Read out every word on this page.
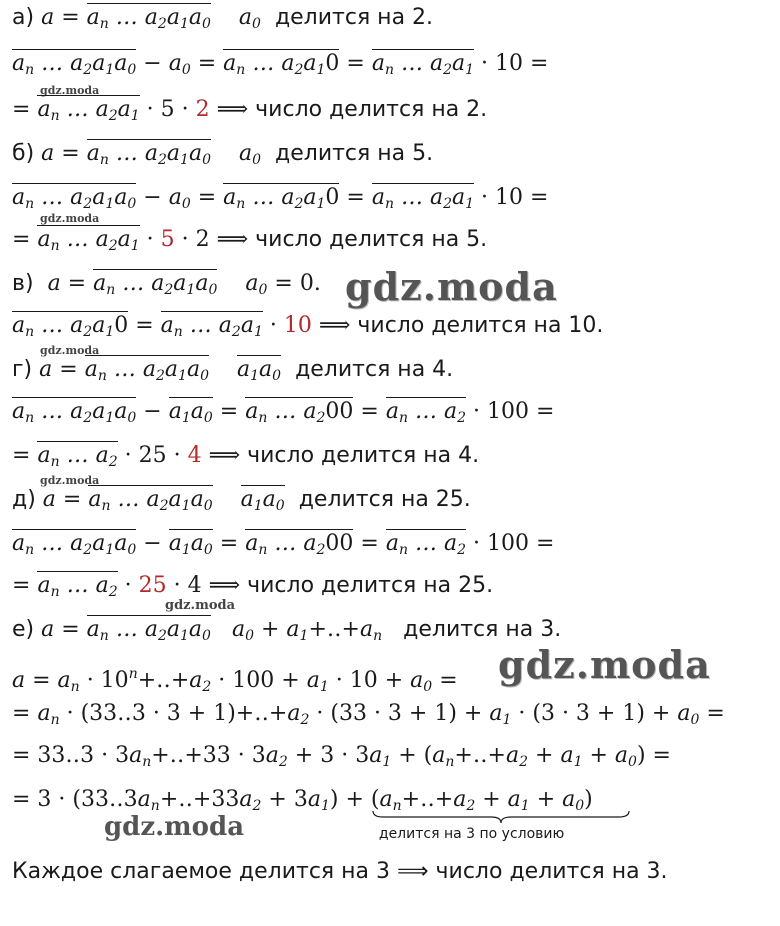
а) $a = a_n$ … $a_2a_1a_0$ $a_0$ делится на 2.
$a_n$ … $a_2a_1a_0 - a_0 = a_n$ … $a_2a_10 = a_n$ … $a_2a_1 \cdot 10$ =
gdz.moda
= $a_n$ … $a_2a_1 \cdot 5 \cdot 2$ ⟹ число делится на 2.
б) $a = a_n$ … $a_2a_1a_0$ $a_0$ делится на 5.
$a_n$ … $a_2a_1a_0 - a_0 = a_n$ … $a_2a_10 = a_n$ … $a_2a_1 \cdot 10$ =
gdz.moda
= $a_n$ … $a_2a_1 \cdot 5 \cdot 2$ ⟹ число делится на 5.
в) $a = a_n$ … $a_2a_1a_0$ $a_0 = 0$. gdz.moda
$a_n$ … $a_2a_10 = a_n$ … $a_2a_1 \cdot 10$ ⟹ число делится на 10.
gdz.moda
г) $a = a_n$ … $a_2a_1a_0$ $a_1a_0$ делится на 4.
$a_n$ … $a_2a_1a_0 - a_1a_0 = a_n$ … $a_200 = a_n$ … $a_2 \cdot 100$ =
= $a_n$ … $a_2 \cdot 25 \cdot 4$ ⟹ число делится на 4.
gdz.moda
д) $a = a_n$ … $a_2a_1a_0$ $a_1a_0$ делится на 25.
$a_n$ … $a_2a_1a_0 - a_1a_0 = a_n$ … $a_200 = a_n$ … $a_2 \cdot 100$ =
= $a_n$ … $a_2 \cdot 25 \cdot 4$ ⟹ число делится на 25.
gdz.moda
е) $a = a_n$ … $a_2a_1a_0$ $a_0$ + $a_1+‥+a_n$ делится на 3.
$a = a_n$ · $10^n+‥+a_2 \cdot 100 + a_1 \cdot 10 + a_0$ = gdz.moda
= $a_n$ · (33‥3 · $3 + 1)+‥+a_2 \cdot (33 \cdot 3 + 1) + a_1 \cdot (3 \cdot 3 + 1) + a_0$ =
= 33‥3 · $3a_n+‥+33 \cdot 3a_2 + 3 \cdot 3a_1$ + $(a_n+‥+a_2 + a_1 + a_0)$ =
= $3 \cdot (33‥3a_n+‥+33a_2 + 3a_1)$ + $(a_n+‥+a_2 + a_1 + a_0)$
делится на 3 по условию
gdz.moda
Каждое слагаемое делится на 3 ⟹ число делится на 3.
